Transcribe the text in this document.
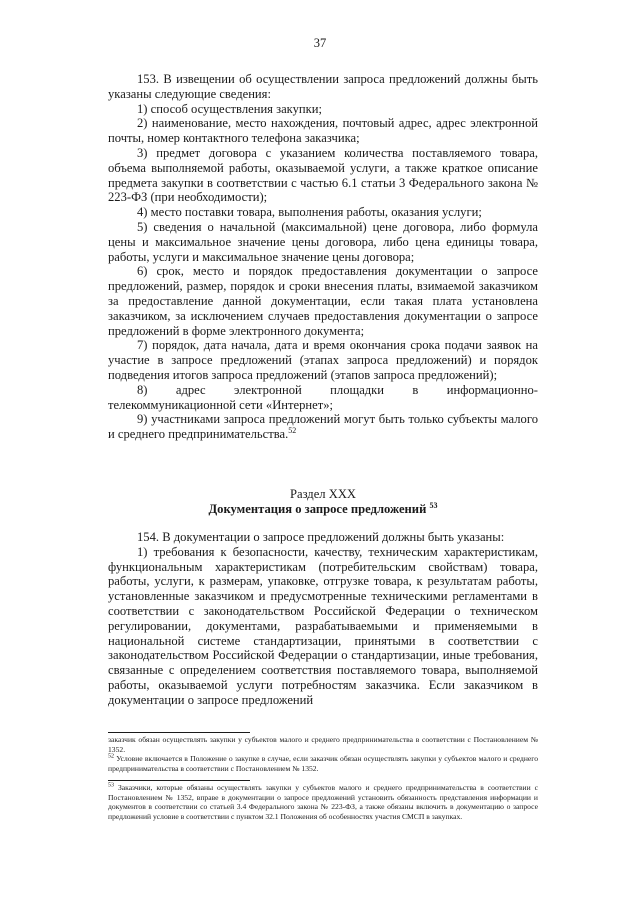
37

153. В извещении об осуществлении запроса предложений должны быть указаны следующие сведения:

1) способ осуществления закупки;

2) наименование, место нахождения, почтовый адрес, адрес электронной почты, номер контактного телефона заказчика;

3) предмет договора с указанием количества поставляемого товара, объема выполняемой работы, оказываемой услуги, а также краткое описание предмета закупки в соответствии с частью 6.1 статьи 3 Федерального закона № 223-ФЗ (при необходимости);

4) место поставки товара, выполнения работы, оказания услуги;

5) сведения о начальной (максимальной) цене договора, либо формула цены и максимальное значение цены договора, либо цена единицы товара, работы, услуги и максимальное значение цены договора;

6) срок, место и порядок предоставления документации о запросе предложений, размер, порядок и сроки внесения платы, взимаемой заказчиком за предоставление данной документации, если такая плата установлена заказчиком, за исключением случаев предоставления документации о запросе предложений в форме электронного документа;

7) порядок, дата начала, дата и время окончания срока подачи заявок на участие в запросе предложений (этапах запроса предложений) и порядок подведения итогов запроса предложений (этапов запроса предложений);

8) адрес электронной площадки в информационно-телекоммуникационной сети «Интернет»;

9) участниками запроса предложений могут быть только субъекты малого и среднего предпринимательства.$^{52}$

Раздел XXX

Документация о запросе предложений $^{53}$

154. В документации о запросе предложений должны быть указаны:

1) требования к безопасности, качеству, техническим характеристикам, функциональным характеристикам (потребительским свойствам) товара, работы, услуги, к размерам, упаковке, отгрузке товара, к результатам работы, установленные заказчиком и предусмотренные техническими регламентами в соответствии с законодательством Российской Федерации о техническом регулировании, документами, разрабатываемыми и применяемыми в национальной системе стандартизации, принятыми в соответствии с законодательством Российской Федерации о стандартизации, иные требования, связанные с определением соответствия поставляемого товара, выполняемой работы, оказываемой услуги потребностям заказчика. Если заказчиком в документации о запросе предложений

заказчик обязан осуществлять закупки у субъектов малого и среднего предпринимательства в соответствии с Постановлением № 1352.

$^{52}$ Условие включается в Положение о закупке в случае, если заказчик обязан осуществлять закупки у субъектов малого и среднего предпринимательства в соответствии с Постановлением № 1352.

$^{53}$ Заказчики, которые обязаны осуществлять закупки у субъектов малого и среднего предпринимательства в соответствии с Постановлением № 1352, вправе в документации о запросе предложений установить обязанность представления информации и документов в соответствии со статьей 3.4 Федерального закона № 223-ФЗ, а также обязаны включить в документацию о запросе предложений условие в соответствии с пунктом 32.1 Положения об особенностях участия СМСП в закупках.
